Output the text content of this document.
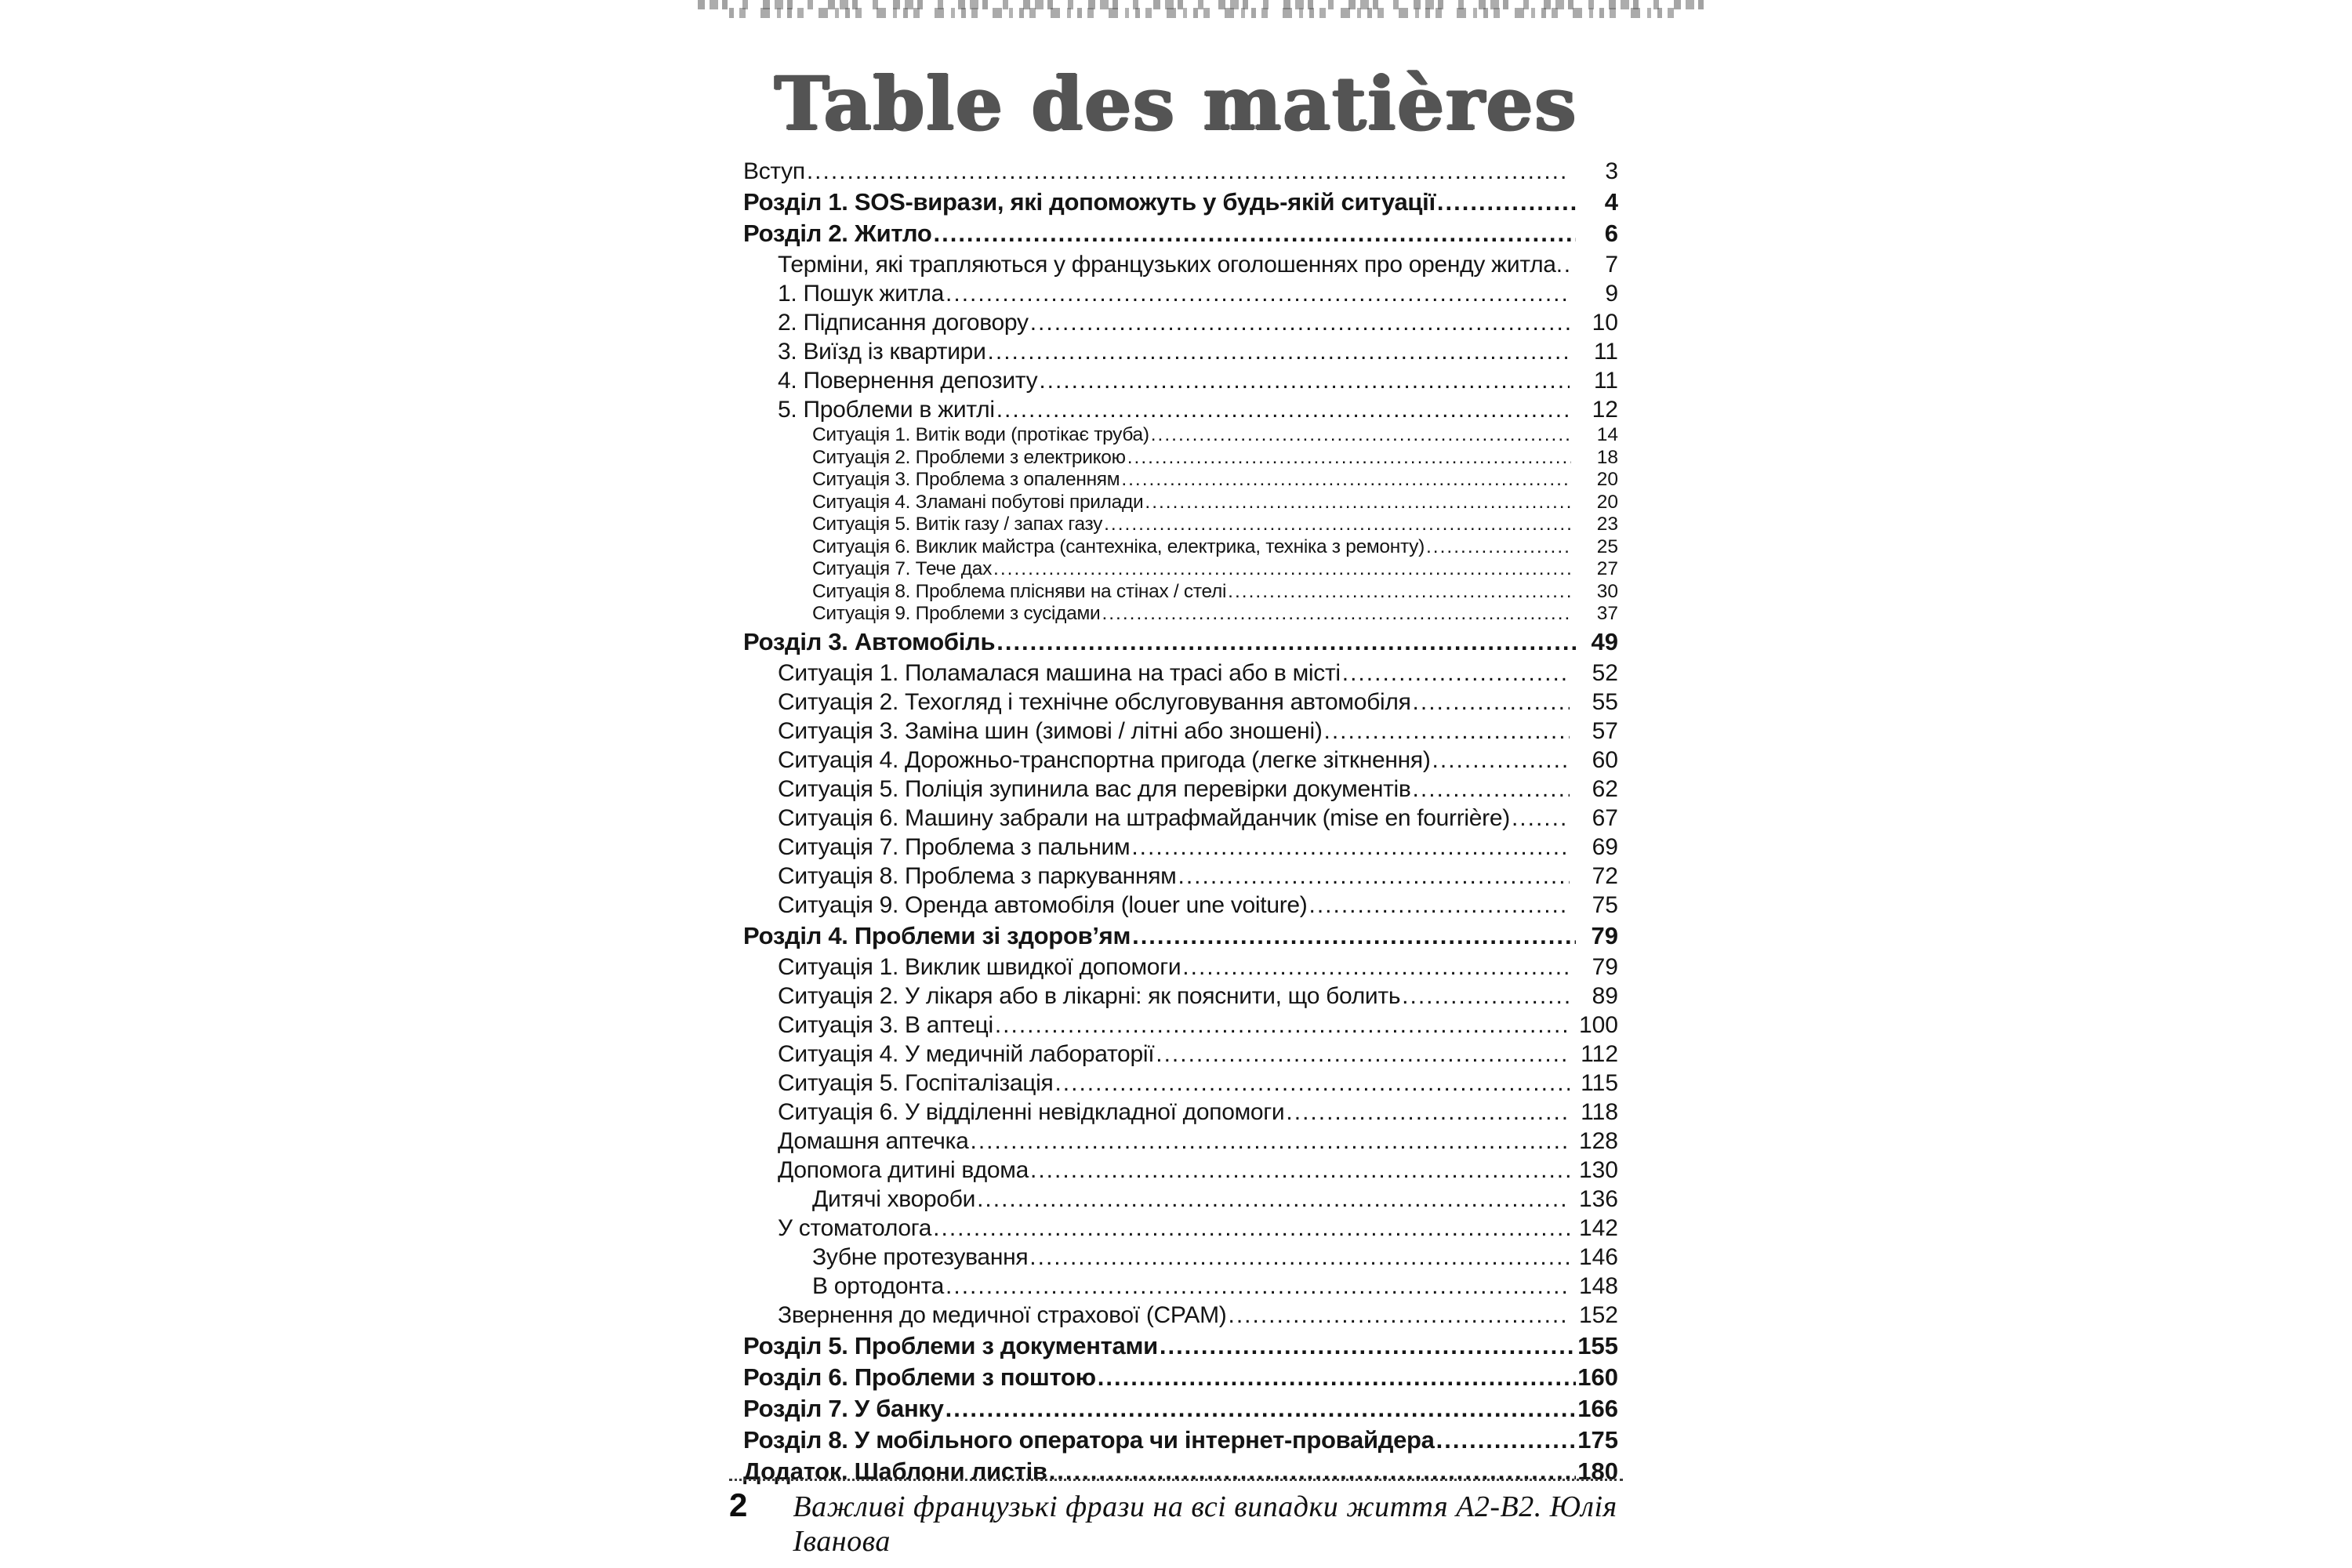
Table des matières
Вступ .....	3
Розділ 1. SOS-вирази, які допоможуть у будь-якій ситуації .....	4
Розділ 2. Житло .....	6
Терміни, які трапляються у французьких оголошеннях про оренду житла. .....	7
1. Пошук житла .....	9
2. Підписання договору .....	10
3. Виїзд із квартири .....	11
4. Повернення депозиту .....	11
5. Проблеми в житлі .....	12
Ситуація 1. Витік води (протікає труба) .....	14
Ситуація 2. Проблеми з електрикою .....	18
Ситуація 3. Проблема з опаленням .....	20
Ситуація 4. Зламані побутові прилади .....	20
Ситуація 5. Витік газу / запах газу .....	23
Ситуація 6. Виклик майстра (сантехніка, електрика, техніка з ремонту) .....	25
Ситуація 7. Тече дах .....	27
Ситуація 8. Проблема плісняви на стінах / стелі .....	30
Ситуація 9. Проблеми з сусідами .....	37
Розділ 3. Автомобіль .....	49
Ситуація 1. Поламалася машина на трасі або в місті .....	52
Ситуація 2. Техогляд і технічне обслуговування автомобіля .....	55
Ситуація 3. Заміна шин (зимові / літні або зношені) .....	57
Ситуація 4. Дорожньо-транспортна пригода (легке зіткнення) .....	60
Ситуація 5. Поліція зупинила вас для перевірки документів .....	62
Ситуація 6. Машину забрали на штрафмайданчик (mise en fourrière) .....	67
Ситуація 7. Проблема з пальним .....	69
Ситуація 8. Проблема з паркуванням .....	72
Ситуація 9. Оренда автомобіля (louer une voiture) .....	75
Розділ 4. Проблеми зі здоров’ям .....	79
Ситуація 1. Виклик швидкої допомоги .....	79
Ситуація 2. У лікаря або в лікарні: як пояснити, що болить .....	89
Ситуація 3. В аптеці .....	100
Ситуація 4. У медичній лабораторії .....	112
Ситуація 5. Госпіталізація .....	115
Ситуація 6. У відділенні невідкладної допомоги .....	118
Домашня аптечка .....	128
Допомога дитині вдома .....	130
Дитячі хвороби .....	136
У стоматолога .....	142
Зубне протезування .....	146
В ортодонта .....	148
Звернення до медичної страхової (CPAM) .....	152
Розділ 5. Проблеми з документами .....	155
Розділ 6. Проблеми з поштою .....	160
Розділ 7. У банку .....	166
Розділ 8. У мобільного оператора чи інтернет-провайдера .....	175
Додаток. Шаблони листів .....	180
2 Важливі французькі фрази на всі випадки життя A2-B2. Юлія Іванова
